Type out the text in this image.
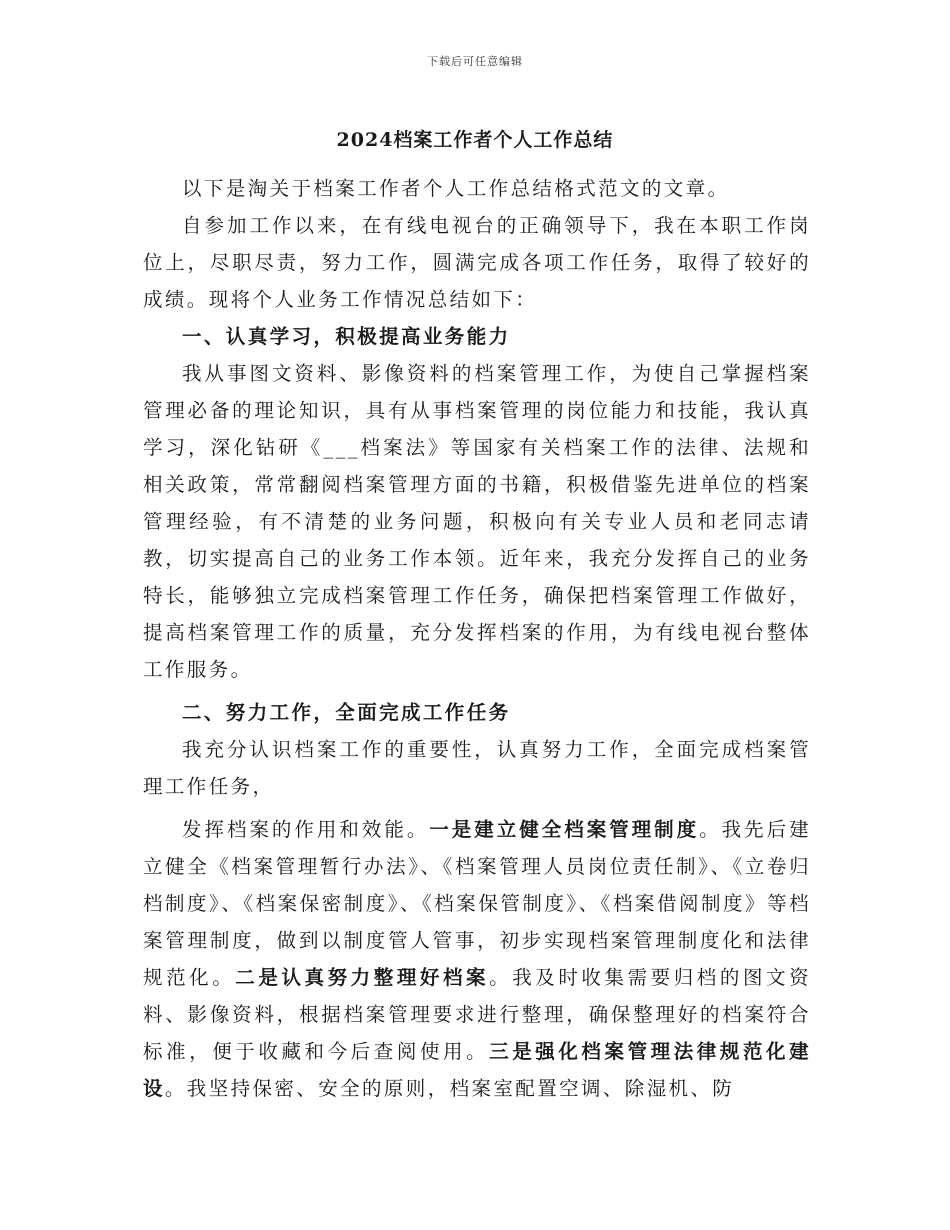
下载后可任意编辑
2024档案工作者个人工作总结

以下是淘关于档案工作者个人工作总结格式范文的文章。

自参加工作以来，在有线电视台的正确领导下，我在本职工作岗位上，尽职尽责，努力工作，圆满完成各项工作任务，取得了较好的成绩。现将个人业务工作情况总结如下：

一、认真学习，积极提高业务能力

我从事图文资料、影像资料的档案管理工作，为使自己掌握档案管理必备的理论知识，具有从事档案管理的岗位能力和技能，我认真学习，深化钻研《___档案法》等国家有关档案工作的法律、法规和相关政策，常常翻阅档案管理方面的书籍，积极借鉴先进单位的档案管理经验，有不清楚的业务问题，积极向有关专业人员和老同志请教，切实提高自己的业务工作本领。近年来，我充分发挥自己的业务特长，能够独立完成档案管理工作任务，确保把档案管理工作做好，提高档案管理工作的质量，充分发挥档案的作用，为有线电视台整体工作服务。

二、努力工作，全面完成工作任务

我充分认识档案工作的重要性，认真努力工作，全面完成档案管理工作任务，

发挥档案的作用和效能。一是建立健全档案管理制度。我先后建立健全《档案管理暂行办法》、《档案管理人员岗位责任制》、《立卷归档制度》、《档案保密制度》、《档案保管制度》、《档案借阅制度》等档案管理制度，做到以制度管人管事，初步实现档案管理制度化和法律规范化。二是认真努力整理好档案。我及时收集需要归档的图文资料、影像资料，根据档案管理要求进行整理，确保整理好的档案符合标准，便于收藏和今后查阅使用。三是强化档案管理法律规范化建设。我坚持保密、安全的原则，档案室配置空调、除湿机、防
